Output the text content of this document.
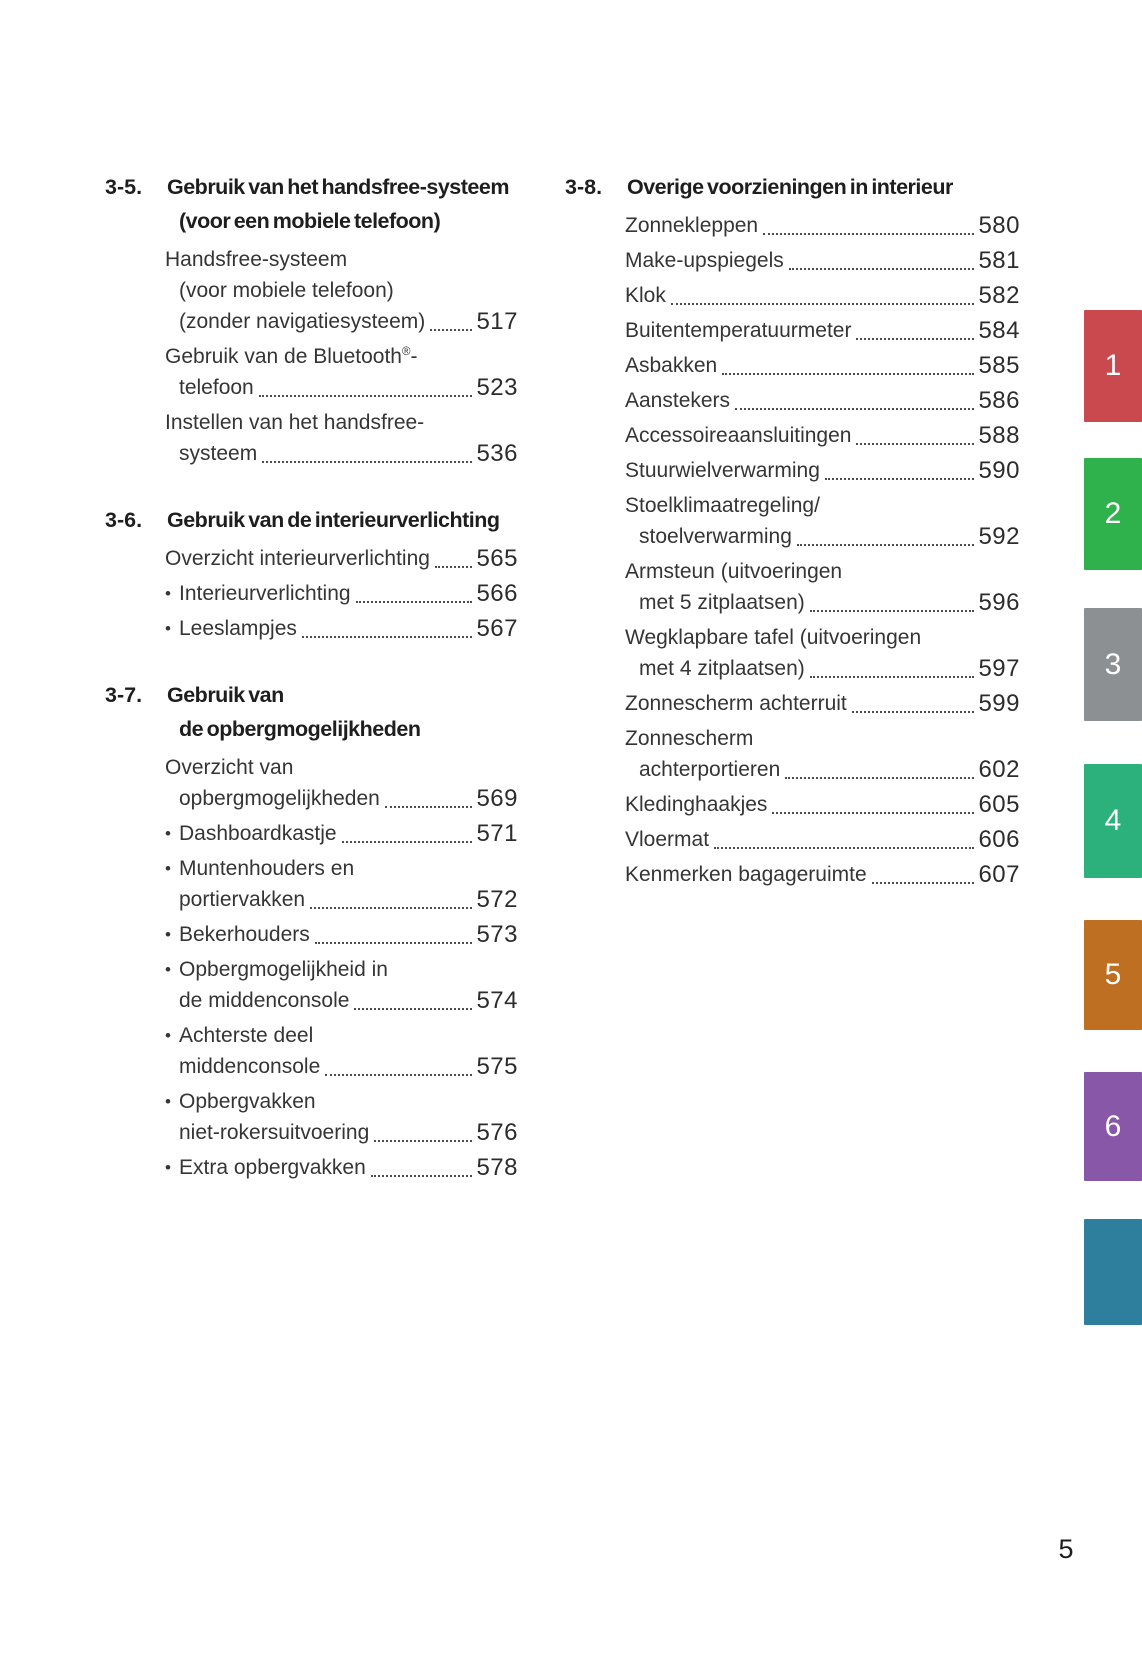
3-5.	Gebruik van het handsfree-systeem
(voor een mobiele telefoon)
Handsfree-systeem
(voor mobiele telefoon)
(zonder navigatiesysteem) 517
Gebruik van de Bluetooth®-
telefoon	523
Instellen van het handsfree-
systeem	536
3-6.	Gebruik van de interieurverlichting
Overzicht interieurverlichting 565
• Interieurverlichting	566
• Leeslampjes	567
3-7.	Gebruik van
de opbergmogelijkheden
Overzicht van
opbergmogelijkheden	569
• Dashboardkastje	571
• Muntenhouders en
portiervakken	572
• Bekerhouders	573
• Opbergmogelijkheid in
de middenconsole	574
• Achterste deel
middenconsole	575
• Opbergvakken
niet-rokersuitvoering	576
• Extra opbergvakken	578
3-8.	Overige voorzieningen in interieur
Zonnekleppen	580
Make-upspiegels	581
Klok	582
Buitentemperatuurmeter	584
Asbakken	585
Aanstekers	586
Accessoireaansluitingen	588
Stuurwielverwarming	590
Stoelklimaatregeling/
stoelverwarming	592
Armsteun (uitvoeringen
met 5 zitplaatsen)	596
Wegklapbare tafel (uitvoeringen
met 4 zitplaatsen)	597
Zonnescherm achterruit	599
Zonnescherm
achterportieren	602
Kledinghaakjes	605
Vloermat	606
Kenmerken bagageruimte	607
1
2
3
4
5
6
5
